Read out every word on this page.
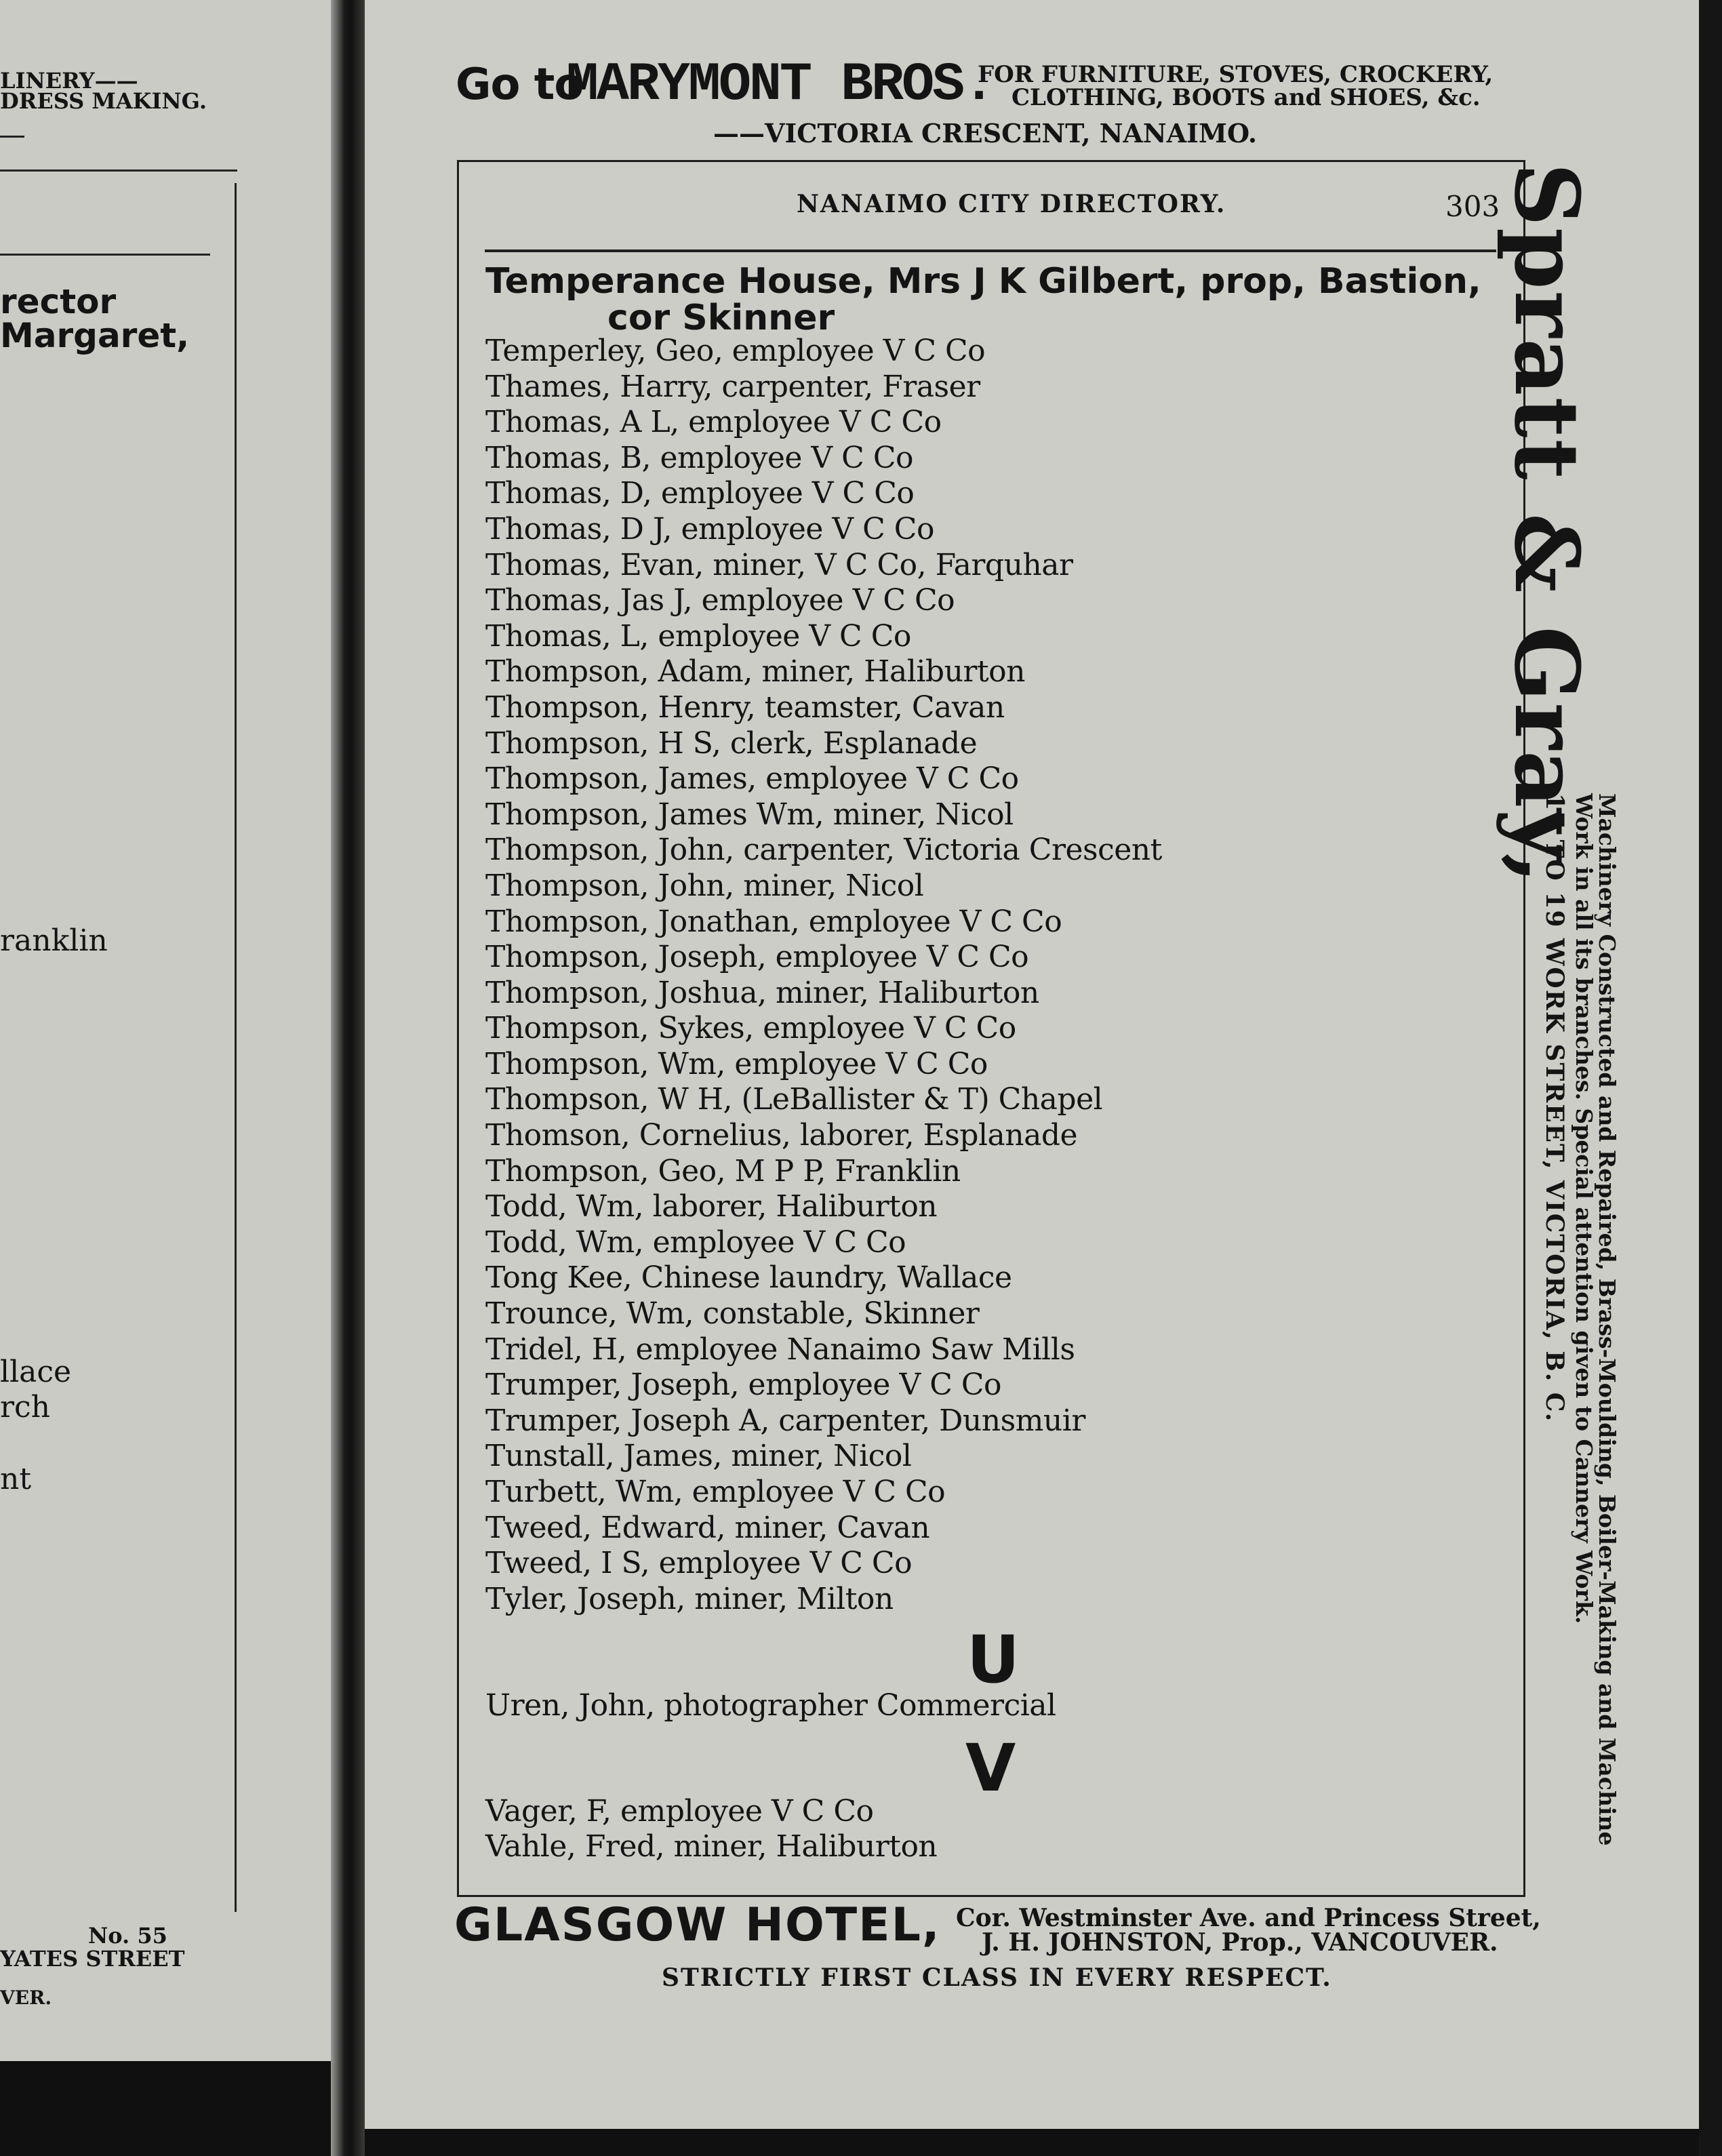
LINERY——
DRESS MAKING.
rector
Margaret,
ranklin
llace
rch
nt
No. 55
YATES STREET
VER.
Go to
MARYMONT BROS.
FOR FURNITURE, STOVES, CROCKERY,
CLOTHING, BOOTS and SHOES, &c.
——VICTORIA CRESCENT, NANAIMO.
NANAIMO CITY DIRECTORY.	303
Temperance House, Mrs J K Gilbert, prop, Bastion,
cor Skinner
Temperley, Geo, employee V C Co
Thames, Harry, carpenter, Fraser
Thomas, A L, employee V C Co
Thomas, B, employee V C Co
Thomas, D, employee V C Co
Thomas, D J, employee V C Co
Thomas, Evan, miner, V C Co, Farquhar
Thomas, Jas J, employee V C Co
Thomas, L, employee V C Co
Thompson, Adam, miner, Haliburton
Thompson, Henry, teamster, Cavan
Thompson, H S, clerk, Esplanade
Thompson, James, employee V C Co
Thompson, James Wm, miner, Nicol
Thompson, John, carpenter, Victoria Crescent
Thompson, John, miner, Nicol
Thompson, Jonathan, employee V C Co
Thompson, Joseph, employee V C Co
Thompson, Joshua, miner, Haliburton
Thompson, Sykes, employee V C Co
Thompson, Wm, employee V C Co
Thompson, W H, (LeBallister & T) Chapel
Thomson, Cornelius, laborer, Esplanade
Thompson, Geo, M P P, Franklin
Todd, Wm, laborer, Haliburton
Todd, Wm, employee V C Co
Tong Kee, Chinese laundry, Wallace
Trounce, Wm, constable, Skinner
Tridel, H, employee Nanaimo Saw Mills
Trumper, Joseph, employee V C Co
Trumper, Joseph A, carpenter, Dunsmuir
Tunstall, James, miner, Nicol
Turbett, Wm, employee V C Co
Tweed, Edward, miner, Cavan
Tweed, I S, employee V C Co
Tyler, Joseph, miner, Milton
U
Uren, John, photographer Commercial
V
Vager, F, employee V C Co
Vahle, Fred, miner, Haliburton
Spratt & Gray,
Machinery Constructed and Repaired, Brass-Moulding, Boiler-Making and Machine
Work in all its branches. Special attention given to Cannery Work.
17 TO 19 WORK STREET, VICTORIA, B. C.
GLASGOW HOTEL, Cor. Westminster Ave. and Princess Street,
J. H. JOHNSTON, Prop., VANCOUVER.
STRICTLY FIRST CLASS IN EVERY RESPECT.
